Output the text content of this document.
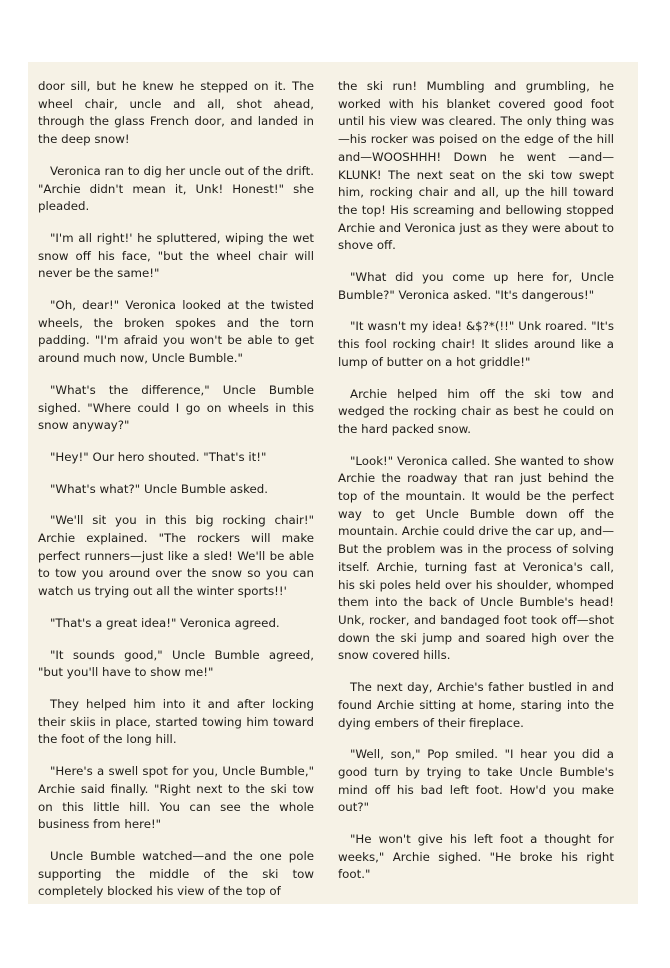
door sill, but he knew he stepped on it. The wheel chair, uncle and all, shot ahead, through the glass French door, and landed in the deep snow!

Veronica ran to dig her uncle out of the drift. "Archie didn't mean it, Unk! Honest!" she pleaded.

"I'm all right!' he spluttered, wiping the wet snow off his face, "but the wheel chair will never be the same!"

"Oh, dear!" Veronica looked at the twisted wheels, the broken spokes and the torn padding. "I'm afraid you won't be able to get around much now, Uncle Bumble."

"What's the difference," Uncle Bumble sighed. "Where could I go on wheels in this snow anyway?"

"Hey!" Our hero shouted. "That's it!"

"What's what?" Uncle Bumble asked.

"We'll sit you in this big rocking chair!" Archie explained. "The rockers will make perfect runners—just like a sled! We'll be able to tow you around over the snow so you can watch us trying out all the winter sports!!'

"That's a great idea!" Veronica agreed.

"It sounds good," Uncle Bumble agreed, "but you'll have to show me!"

They helped him into it and after locking their skiis in place, started towing him toward the foot of the long hill.

"Here's a swell spot for you, Uncle Bumble," Archie said finally. "Right next to the ski tow on this little hill. You can see the whole business from here!"

Uncle Bumble watched—and the one pole supporting the middle of the ski tow completely blocked his view of the top of

the ski run! Mumbling and grumbling, he worked with his blanket covered good foot until his view was cleared. The only thing was—his rocker was poised on the edge of the hill and—WOOSHHH! Down he went —and—KLUNK! The next seat on the ski tow swept him, rocking chair and all, up the hill toward the top! His screaming and bellowing stopped Archie and Veronica just as they were about to shove off.

"What did you come up here for, Uncle Bumble?" Veronica asked. "It's dangerous!"

"It wasn't my idea! &$?*(!!" Unk roared. "It's this fool rocking chair! It slides around like a lump of butter on a hot griddle!"

Archie helped him off the ski tow and wedged the rocking chair as best he could on the hard packed snow.

"Look!" Veronica called. She wanted to show Archie the roadway that ran just behind the top of the mountain. It would be the perfect way to get Uncle Bumble down off the mountain. Archie could drive the car up, and— But the problem was in the process of solving itself. Archie, turning fast at Veronica's call, his ski poles held over his shoulder, whomped them into the back of Uncle Bumble's head! Unk, rocker, and bandaged foot took off—shot down the ski jump and soared high over the snow covered hills.

The next day, Archie's father bustled in and found Archie sitting at home, staring into the dying embers of their fireplace.

"Well, son," Pop smiled. "I hear you did a good turn by trying to take Uncle Bumble's mind off his bad left foot. How'd you make out?"

"He won't give his left foot a thought for weeks," Archie sighed. "He broke his right foot."
